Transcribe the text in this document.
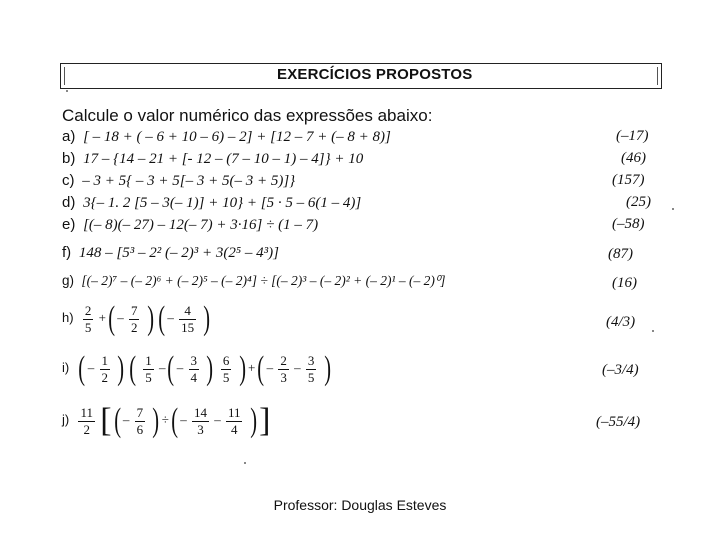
EXERCÍCIOS PROPOSTOS
Calcule o valor numérico das expressões abaixo:
a) [ – 18 + ( – 6 + 10 – 6) – 2] + [12 – 7 + (– 8 + 8)]	(–17)
b) 17 – {14 – 21 + [- 12 – (7 – 10 – 1) – 4]} + 10	(46)
c) – 3 + 5{ – 3 + 5[– 3 + 5(– 3 + 5)]}	(157)
d) 3{– 1. 2 [5 – 3(– 1)] + 10} + [5 · 5 – 6(1 – 4)]	(25)
e) [(– 8)(– 27) – 12(– 7) + 3·16] ÷ (1 – 7)	(–58)
f) 148 – [5³ – 2² (– 2)³ + 3(2⁵ – 4³)]	(87)
g) [(– 2)⁷ – (– 2)⁶ + (– 2)⁵ – (– 2)⁴] ÷ [(– 2)³ – (– 2)² + (– 2)¹ – (– 2)⁰]	(16)
$h) \frac{2}{5}$ +( – $\frac{7}{2}$ ) ( – $\frac{4}{15}$ )	(4/3)
i) ( – $\frac{1}{2}$ ) ( $\frac{1}{5}$ –( – $\frac{3}{4}$ ) $\frac{6}{5}$ ) +( – $\frac{2}{3} - \frac{3}{5}$ )	(–3/4)
$j) \frac{11}{2}$ [( – $\frac{7}{6}$ ) ÷( – $\frac{14}{3} - \frac{11}{4}$ )]	(–55/4)
Professor: Douglas Esteves
